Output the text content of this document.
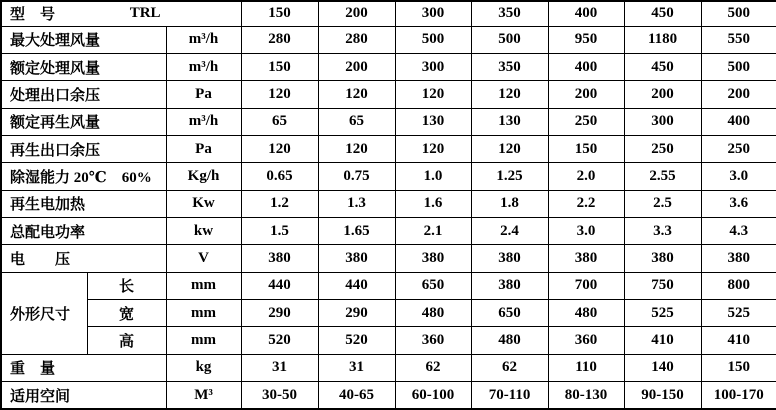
型　号 TRL			150	200	300	350	400	450	500
最大处理风量		m³/h	280	280	500	500	950	1180	550
额定处理风量		m³/h	150	200	300	350	400	450	500
处理出口余压		Pa	120	120	120	120	200	200	200
额定再生风量		m³/h	65	65	130	130	250	300	400
再生出口余压		Pa	120	120	120	120	150	250	250
除湿能力 20℃　60%		Kg/h	0.65	0.75	1.0	1.25	2.0	2.55	3.0
再生电加热		Kw	1.2	1.3	1.6	1.8	2.2	2.5	3.6
总配电功率		kw	1.5	1.65	2.1	2.4	3.0	3.3	4.3
电　　压		V	380	380	380	380	380	380	380
外形尺寸	长	mm	440	440	650	380	700	750	800
	宽	mm	290	290	480	650	480	525	525
	高	mm	520	520	360	480	360	410	410
重　量		kg	31	31	62	62	110	140	150
适用空间		M³	30-50	40-65	60-100	70-110	80-130	90-150	100-170
